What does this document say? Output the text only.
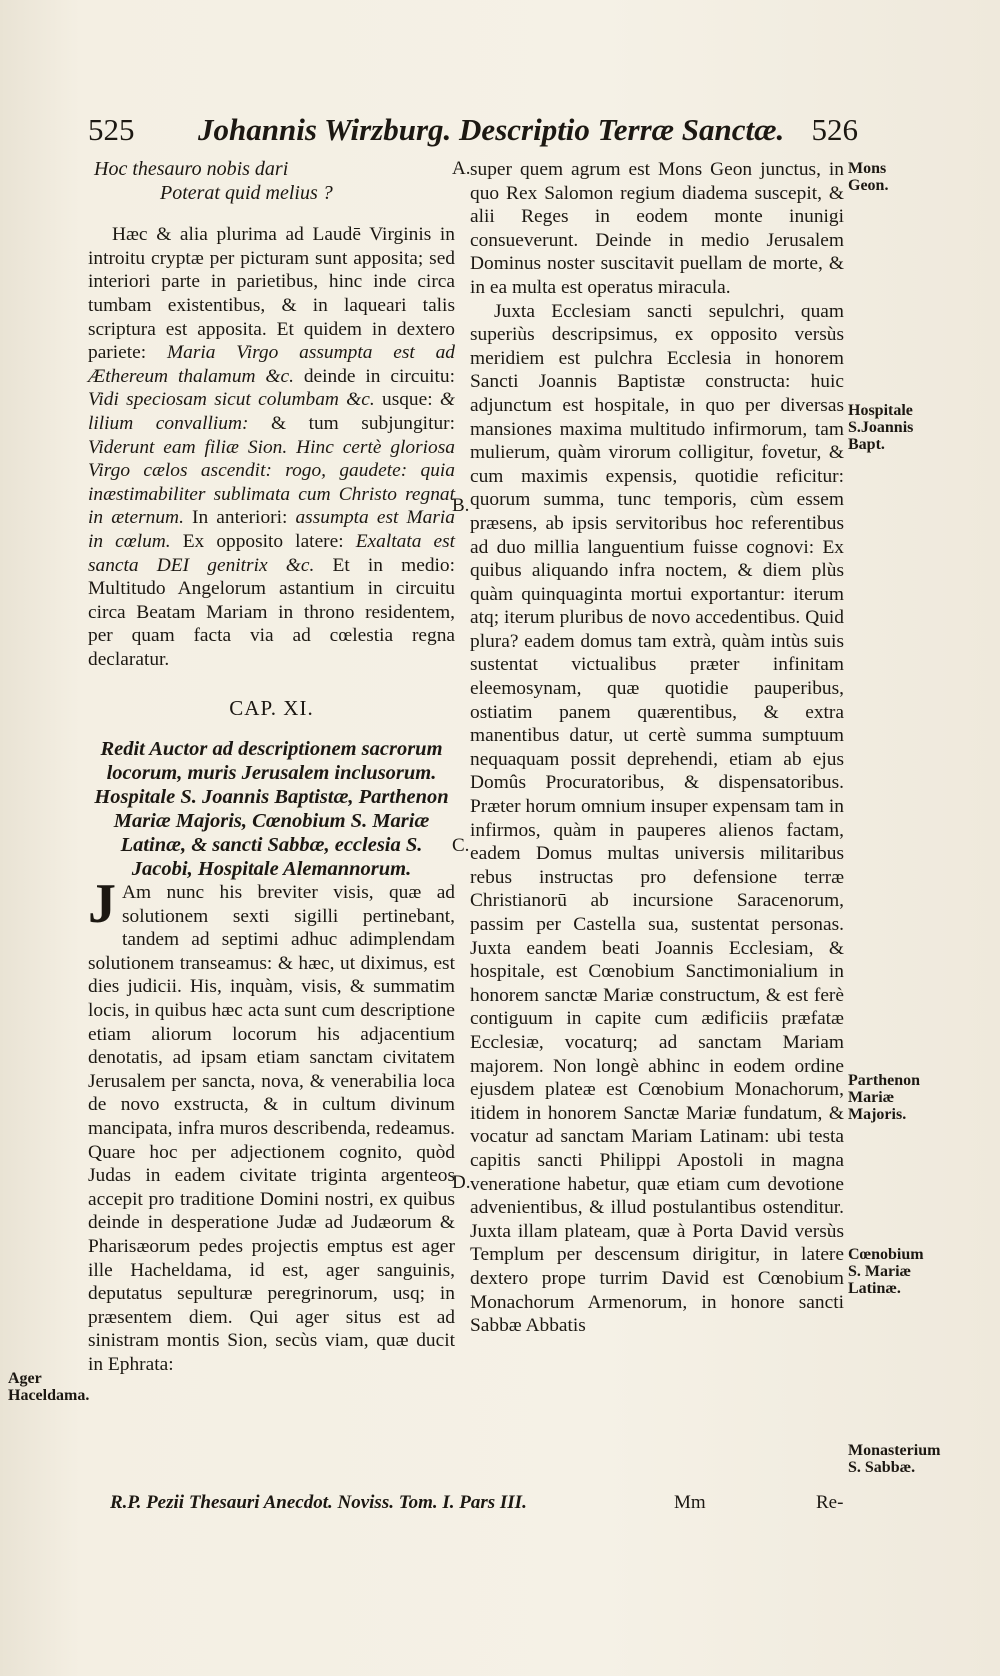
525 Johannis Wirzburg. Descriptio Terræ Sanctæ. 526
Hoc thesauro nobis dari
Poterat quid melius ?

Hæc & alia plurima ad Laudē Virginis in introitu cryptæ per picturam sunt apposita; sed interiori parte in parietibus, hinc inde circa tumbam existentibus, & in laqueari talis scriptura est apposita. Et quidem in dextero pariete: Maria Virgo assumpta est ad Æthereum thalamum &c. deinde in circuitu: Vidi speciosam sicut columbam &c. usque: & lilium convallium: & tum subjungitur: Viderunt eam filiæ Sion. Hinc certè gloriosa Virgo cælos ascendit: rogo, gaudete: quia inæstimabiliter sublimata cum Christo regnat in æternum. In anteriori: assumpta est Maria in cœlum. Ex opposito latere: Exaltata est sancta DEI genitrix &c. Et in medio: Multitudo Angelorum astantium in circuitu circa Beatam Mariam in throno residentem, per quam facta via ad cœlestia regna declaratur.

CAP. XI.
Redit Auctor ad descriptionem sacrorum locorum, muris Jerusalem inclusorum. Hospitale S. Joannis Baptistæ, Parthenon Mariæ Majoris, Cœnobium S. Mariæ Latinæ, & sancti Sabbæ, ecclesia S. Jacobi, Hospitale Alemannorum.

J Am nunc his breviter visis, quæ ad solutionem sexti sigilli pertinebant, tandem ad septimi adhuc adimplendam solutionem transeamus: & hæc, ut diximus, est dies judicii. His, inquàm, visis, & summatim locis, in quibus hæc acta sunt cum descriptione etiam aliorum locorum his adjacentium denotatis, ad ipsam etiam sanctam civitatem Jerusalem per sancta, nova, & venerabilia loca de novo exstructa, & in cultum divinum mancipata, infra muros describenda, redeamus. Quare hoc per adjectionem cognito, quòd Judas in eadem civitate triginta argenteos accepit pro traditione Domini nostri, ex quibus deinde in desperatione Judæ ad Judæorum & Pharisæorum pedes projectis emptus est ager ille Hacheldama, id est, ager sanguinis, deputatus sepulturæ peregrinorum, usq; in præsentem diem. Qui ager situs est ad sinistram montis Sion, secùs viam, quæ ducit in Ephrata:

super quem agrum est Mons Geon junctus, in quo Rex Salomon regium diadema suscepit, & alii Reges in eodem monte inunigi consueverunt. Deinde in medio Jerusalem Dominus noster suscitavit puellam de morte, & in ea multa est operatus miracula.

Juxta Ecclesiam sancti sepulchri, quam superiùs descripsimus, ex opposito versùs meridiem est pulchra Ecclesia in honorem Sancti Joannis Baptistæ constructa: huic adjunctum est hospitale, in quo per diversas mansiones maxima multitudo infirmorum, tam mulierum, quàm virorum colligitur, fovetur, & cum maximis expensis, quotidie reficitur: quorum summa, tunc temporis, cùm essem præsens, ab ipsis servitoribus hoc referentibus ad duo millia languentium fuisse cognovi: Ex quibus aliquando infra noctem, & diem plùs quàm quinquaginta mortui exportantur: iterum atq; iterum pluribus de novo accedentibus. Quid plura? eadem domus tam extrà, quàm intùs suis sustentat victualibus præter infinitam eleemosynam, quæ quotidie pauperibus, ostiatim panem quærentibus, & extra manentibus datur, ut certè summa sumptuum nequaquam possit deprehendi, etiam ab ejus Domûs Procuratoribus, & dispensatoribus. Præter horum omnium insuper expensam tam in infirmos, quàm in pauperes alienos factam, eadem Domus multas universis militaribus rebus instructas pro defensione terræ Christianorū ab incursione Saracenorum, passim per Castella sua, sustentat personas. Juxta eandem beati Joannis Ecclesiam, & hospitale, est Cœnobium Sanctimonialium in honorem sanctæ Mariæ constructum, & est ferè contiguum in capite cum ædificiis præfatæ Ecclesiæ, vocaturq; ad sanctam Mariam majorem. Non longè abhinc in eodem ordine ejusdem plateæ est Cœnobium Monachorum, itidem in honorem Sanctæ Mariæ fundatum, & vocatur ad sanctam Mariam Latinam: ubi testa capitis sancti Philippi Apostoli in magna veneratione habetur, quæ etiam cum devotione advenientibus, & illud postulantibus ostenditur. Juxta illam plateam, quæ à Porta David versùs Templum per descensum dirigitur, in latere dextero prope turrim David est Cœnobium Monachorum Armenorum, in honore sancti Sabbæ Abbatis

A.
B.
C.
D.
Mons Geon.
Hospitale S.Joannis Bapt.
Parthenon Mariæ Majoris.
Cœnobium S. Mariæ Latinæ.
Monasterium S. Sabbæ.
Ager Haceldama.
R.P. Pezii Thesauri Anecdot. Noviss. Tom. I. Pars III.	Mm	Re-
